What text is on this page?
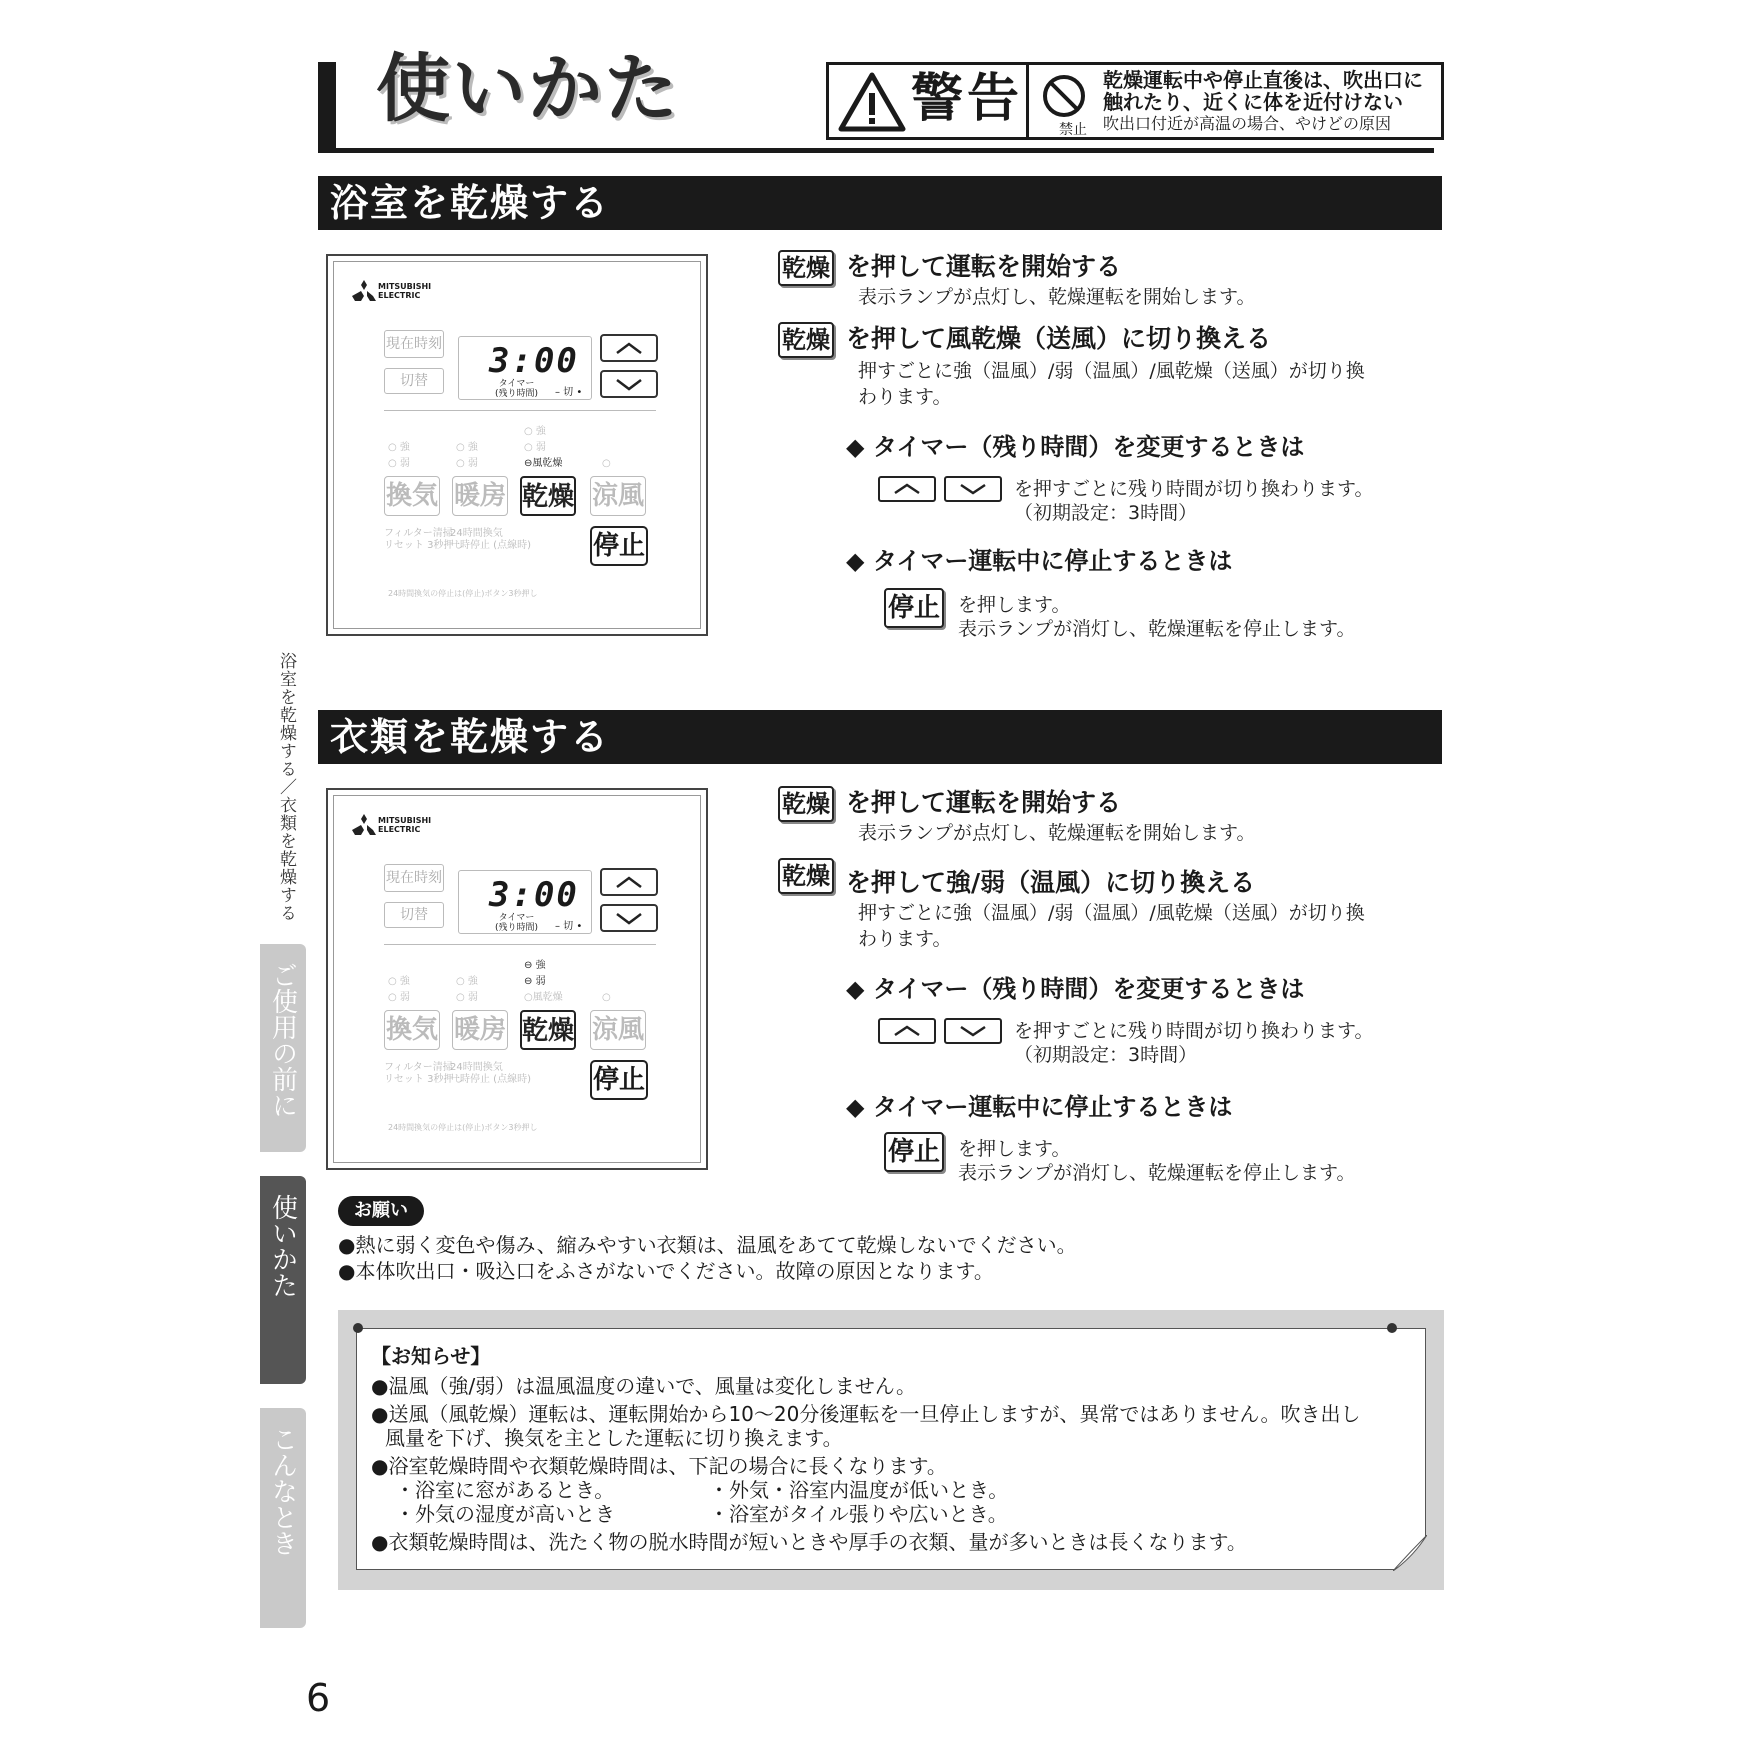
使いかた	警告
禁止
乾燥運転中や停止直後は、吹出口に
触れたり、近くに体を近付けない
吹出口付近が高温の場合、やけどの原因
浴室を乾燥する
MITSUBISHI
ELECTRIC
現在時刻
切替	3:00
タイマー
(残り時間) – 切 •
○ 強
○ 弱
○ 強
○ 弱
○ 強
○ 弱
⊖風乾燥	○
換気 暖房 乾燥 涼風
フィルター清掃
リセット 3秒押し
24時間換気
一時停止 (点線時) 停止
24時間換気の停止は(停止)ボタン3秒押し
乾燥 を押して運転を開始する
表示ランプが点灯し、乾燥運転を開始します。
乾燥 を押して風乾燥（送風）に切り換える
押すごとに強（温風）/弱（温風）/風乾燥（送風）が切り換
わります。
◆ タイマー（残り時間）を変更するときは
を押すごとに残り時間が切り換わります。
（初期設定：3時間）
◆ タイマー運転中に停止するときは
停止 を押します。
表示ランプが消灯し、乾燥運転を停止します。
衣類を乾燥する
MITSUBISHI
ELECTRIC
現在時刻
切替	3:00
タイマー
(残り時間) – 切 •
○ 強
○ 弱
○ 強
○ 弱
⊖ 強
⊖ 弱
○風乾燥	○
換気 暖房 乾燥 涼風
フィルター清掃
リセット 3秒押し
24時間換気
一時停止 (点線時) 停止
24時間換気の停止は(停止)ボタン3秒押し
乾燥 を押して運転を開始する
表示ランプが点灯し、乾燥運転を開始します。
乾燥 を押して強/弱（温風）に切り換える
押すごとに強（温風）/弱（温風）/風乾燥（送風）が切り換
わります。
◆ タイマー（残り時間）を変更するときは
を押すごとに残り時間が切り換わります。
（初期設定：3時間）
◆ タイマー運転中に停止するときは
停止 を押します。
表示ランプが消灯し、乾燥運転を停止します。
浴室を乾燥する／衣類を乾燥する
ご使用の前に
使いかた
こんなとき
お願い
●熱に弱く変色や傷み、縮みやすい衣類は、温風をあてて乾燥しないでください。
●本体吹出口・吸込口をふさがないでください。故障の原因となります。
【お知らせ】
●温風（強/弱）は温風温度の違いで、風量は変化しません。
●送風（風乾燥）運転は、運転開始から10～20分後運転を一旦停止しますが、異常ではありません。吹き出し
風量を下げ、換気を主とした運転に切り換えます。
●浴室乾燥時間や衣類乾燥時間は、下記の場合に長くなります。
・浴室に窓があるとき。	・外気・浴室内温度が低いとき。
・外気の湿度が高いとき	・浴室がタイル張りや広いとき。
●衣類乾燥時間は、洗たく物の脱水時間が短いときや厚手の衣類、量が多いときは長くなります。
6
